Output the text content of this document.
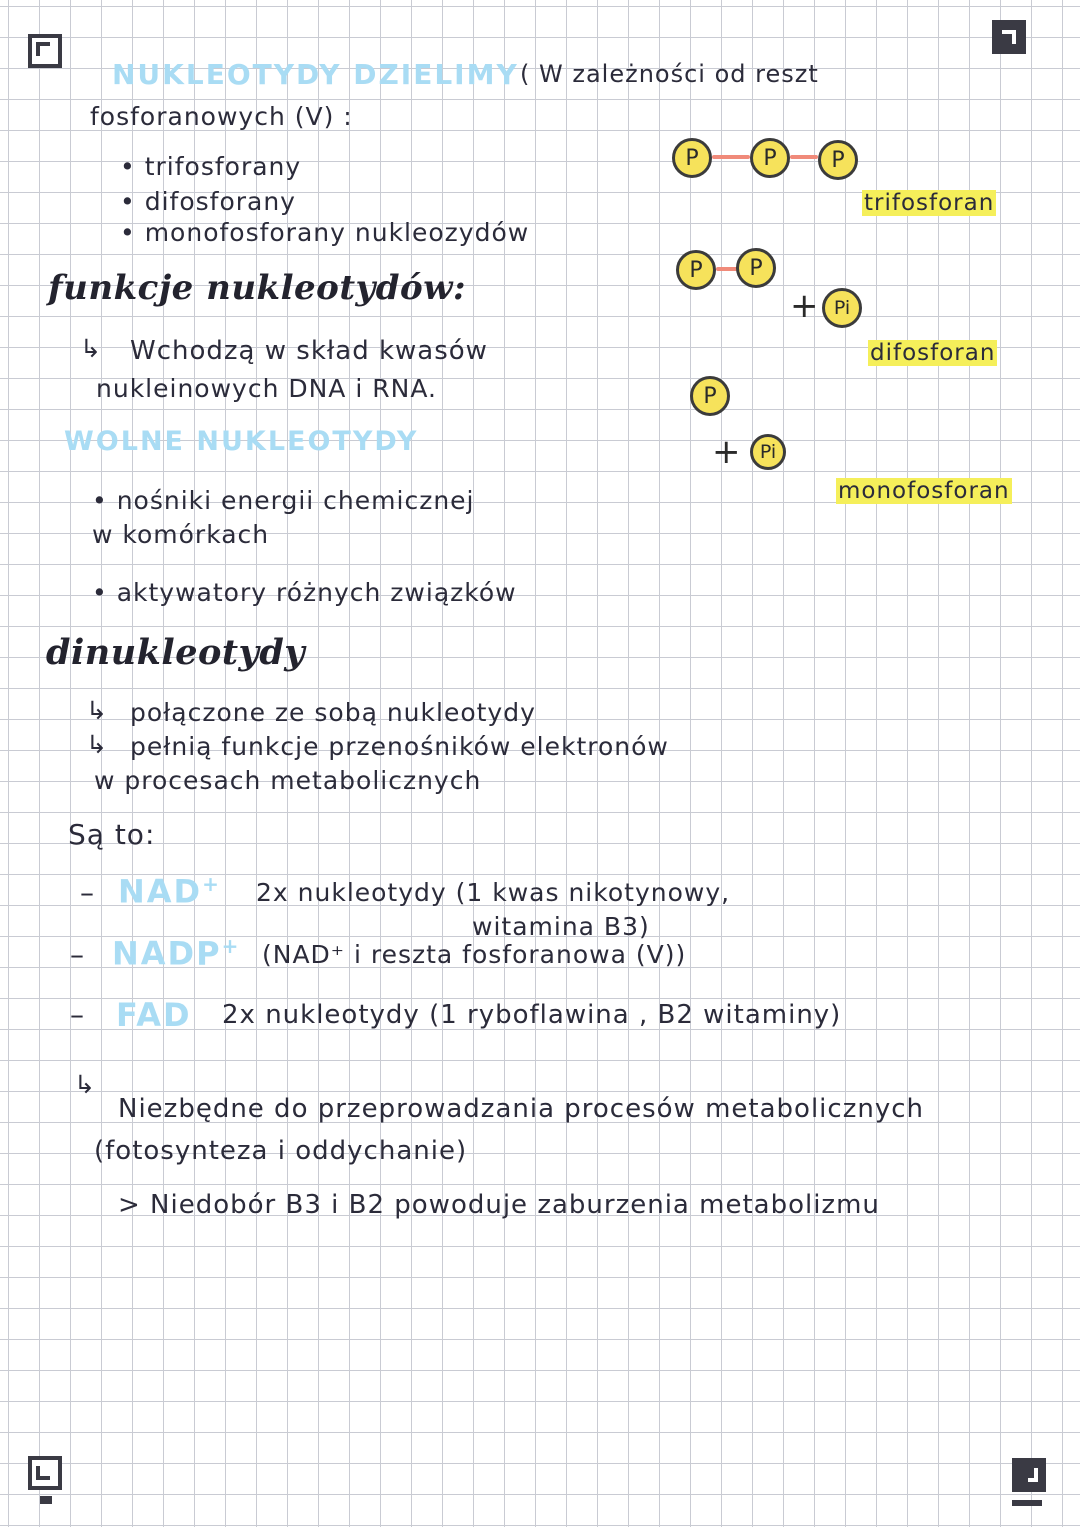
NUKLEOTYDY DZIELIMY ( W zależności od reszt
fosforanowych (V) :
• trifosforany
• difosforany
• monofosforany nukleozydów
P	P	P
trifosforan
P	P
+ Pi
difosforan
P
+	Pi
monofosforan
funkcje nukleotydów:
↳ Wchodzą w skład kwasów
nukleinowych DNA i RNA.
WOLNE NUKLEOTYDY
• nośniki energii chemicznej
w komórkach
• aktywatory różnych związków
dinukleotydy
↳ połączone ze sobą nukleotydy
↳ pełnią funkcje przenośników elektronów
w procesach metabolicznych
Są to:
– NAD+ 2x nukleotydy (1 kwas nikotynowy,
witamina B3)
– NADP+ (NAD⁺ i reszta fosforanowa (V))
– FAD 2x nukleotydy (1 ryboflawina , B2 witaminy)
↳
Niezbędne do przeprowadzania procesów metabolicznych
(fotosynteza i oddychanie)
> Niedobór B3 i B2 powoduje zaburzenia metabolizmu
